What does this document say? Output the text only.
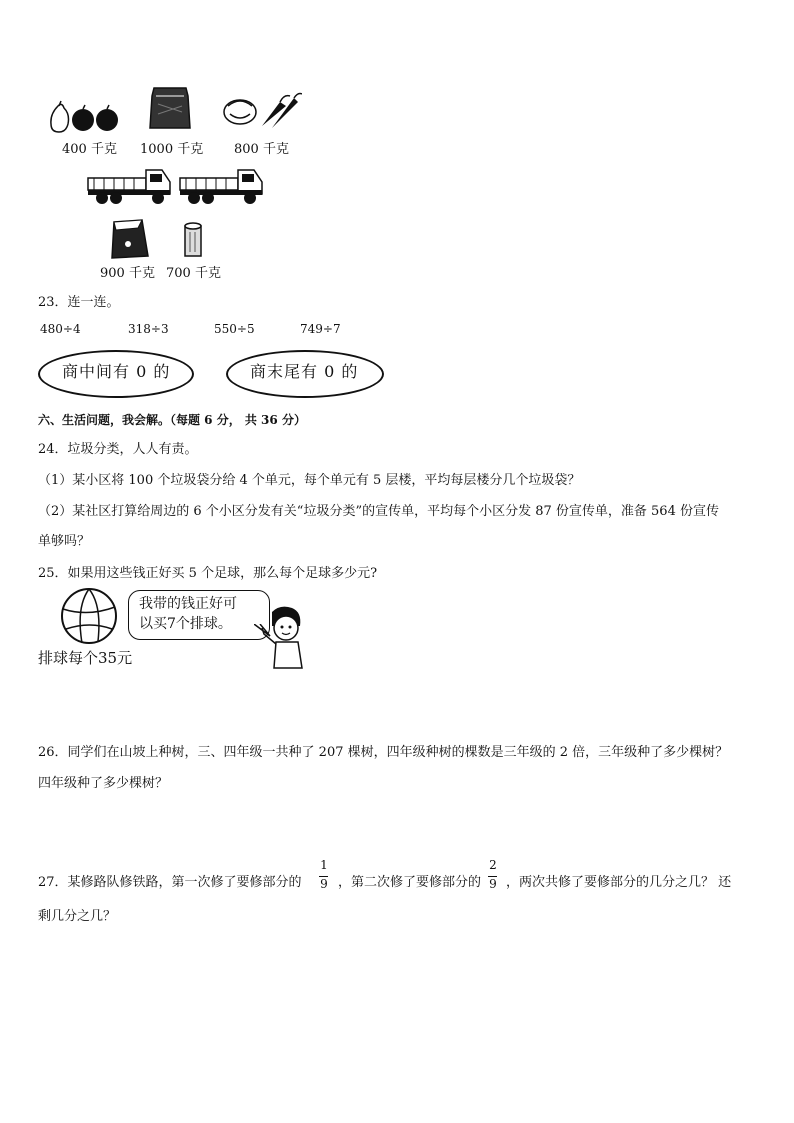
400 千克 1000 千克 800 千克
900 千克 700 千克
23．连一连。
480÷4	318÷3	550÷5	749÷7
商中间有 0 的	商末尾有 0 的
六、生活问题，我会解。（每题 6 分， 共 36 分）
24．垃圾分类，人人有责。
（1）某小区将 100 个垃圾袋分给 4 个单元，每个单元有 5 层楼，平均每层楼分几个垃圾袋？
（2）某社区打算给周边的 6 个小区分发有关“垃圾分类”的宣传单，平均每个小区分发 87 份宣传单，准备 564 份宣传
单够吗？
25．如果用这些钱正好买 5 个足球，那么每个足球多少元?
排球每个35元
我带的钱正好可
以买7个排球。
26．同学们在山坡上种树，三、四年级一共种了 207 棵树，四年级种树的棵数是三年级的 2 倍，三年级种了多少棵树？
四年级种了多少棵树？
27．某修路队修铁路，第一次修了要修部分的
1
9 ，第二次修了要修部分的
2
9 ，两次共修了要修部分的几分之几？ 还
剩几分之几？
